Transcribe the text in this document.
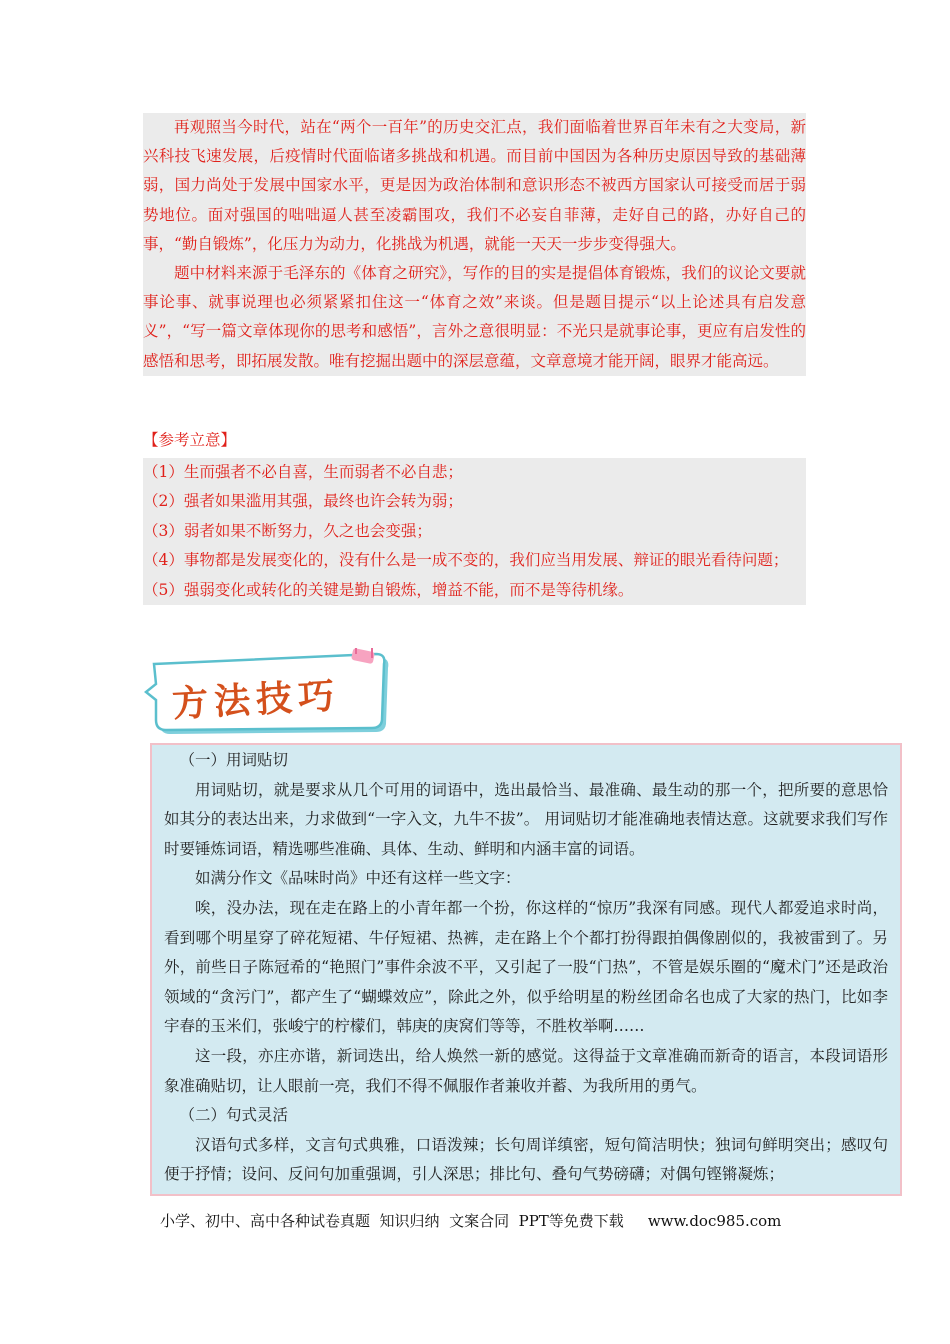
再观照当今时代，站在“两个一百年”的历史交汇点，我们面临着世界百年未有之大变局，新兴科技飞速发展，后疫情时代面临诸多挑战和机遇。而目前中国因为各种历史原因导致的基础薄弱，国力尚处于发展中国家水平，更是因为政治体制和意识形态不被西方国家认可接受而居于弱势地位。面对强国的咄咄逼人甚至凌霸围攻，我们不必妄自菲薄，走好自己的路，办好自己的事，“勤自锻炼”，化压力为动力，化挑战为机遇，就能一天天一步步变得强大。

题中材料来源于毛泽东的《体育之研究》，写作的目的实是提倡体育锻炼，我们的议论文要就事论事、就事说理也必须紧紧扣住这一“体育之效”来谈。但是题目提示“以上论述具有启发意义”，“写一篇文章体现你的思考和感悟”，言外之意很明显：不光只是就事论事，更应有启发性的感悟和思考，即拓展发散。唯有挖掘出题中的深层意蕴，文章意境才能开阔，眼界才能高远。

【参考立意】
（1）生而强者不必自喜，生而弱者不必自悲；
（2）强者如果滥用其强，最终也许会转为弱；
（3）弱者如果不断努力，久之也会变强；
（4）事物都是发展变化的，没有什么是一成不变的，我们应当用发展、辩证的眼光看待问题；
（5）强弱变化或转化的关键是勤自锻炼，增益不能，而不是等待机缘。
方法技巧

（一）用词贴切

用词贴切，就是要求从几个可用的词语中，选出最恰当、最准确、最生动的那一个，把所要的意思恰如其分的表达出来，力求做到“一字入文，九牛不拔”。 用词贴切才能准确地表情达意。这就要求我们写作时要锤炼词语，精选哪些准确、具体、生动、鲜明和内涵丰富的词语。

如满分作文《品味时尚》中还有这样一些文字：

唉，没办法，现在走在路上的小青年都一个扮，你这样的“惊历”我深有同感。现代人都爱追求时尚，看到哪个明星穿了碎花短裙、牛仔短裙、热裤，走在路上个个都打扮得跟拍偶像剧似的，我被雷到了。另外，前些日子陈冠希的“艳照门”事件余波不平，又引起了一股“门热”，不管是娱乐圈的“魔术门”还是政治领域的“贪污门”，都产生了“蝴蝶效应”，除此之外，似乎给明星的粉丝团命名也成了大家的热门，比如李宇春的玉米们，张峻宁的柠檬们，韩庚的庚窝们等等，不胜枚举啊……

这一段，亦庄亦谐，新词迭出，给人焕然一新的感觉。这得益于文章准确而新奇的语言，本段词语形象准确贴切，让人眼前一亮，我们不得不佩服作者兼收并蓄、为我所用的勇气。

（二）句式灵活

汉语句式多样，文言句式典雅，口语泼辣；长句周详缜密，短句简洁明快；独词句鲜明突出；感叹句便于抒情；设问、反问句加重强调，引人深思；排比句、叠句气势磅礴；对偶句铿锵凝炼；

小学、初中、高中各种试卷真题  知识归纳  文案合同  PPT等免费下载 www.doc985.com
